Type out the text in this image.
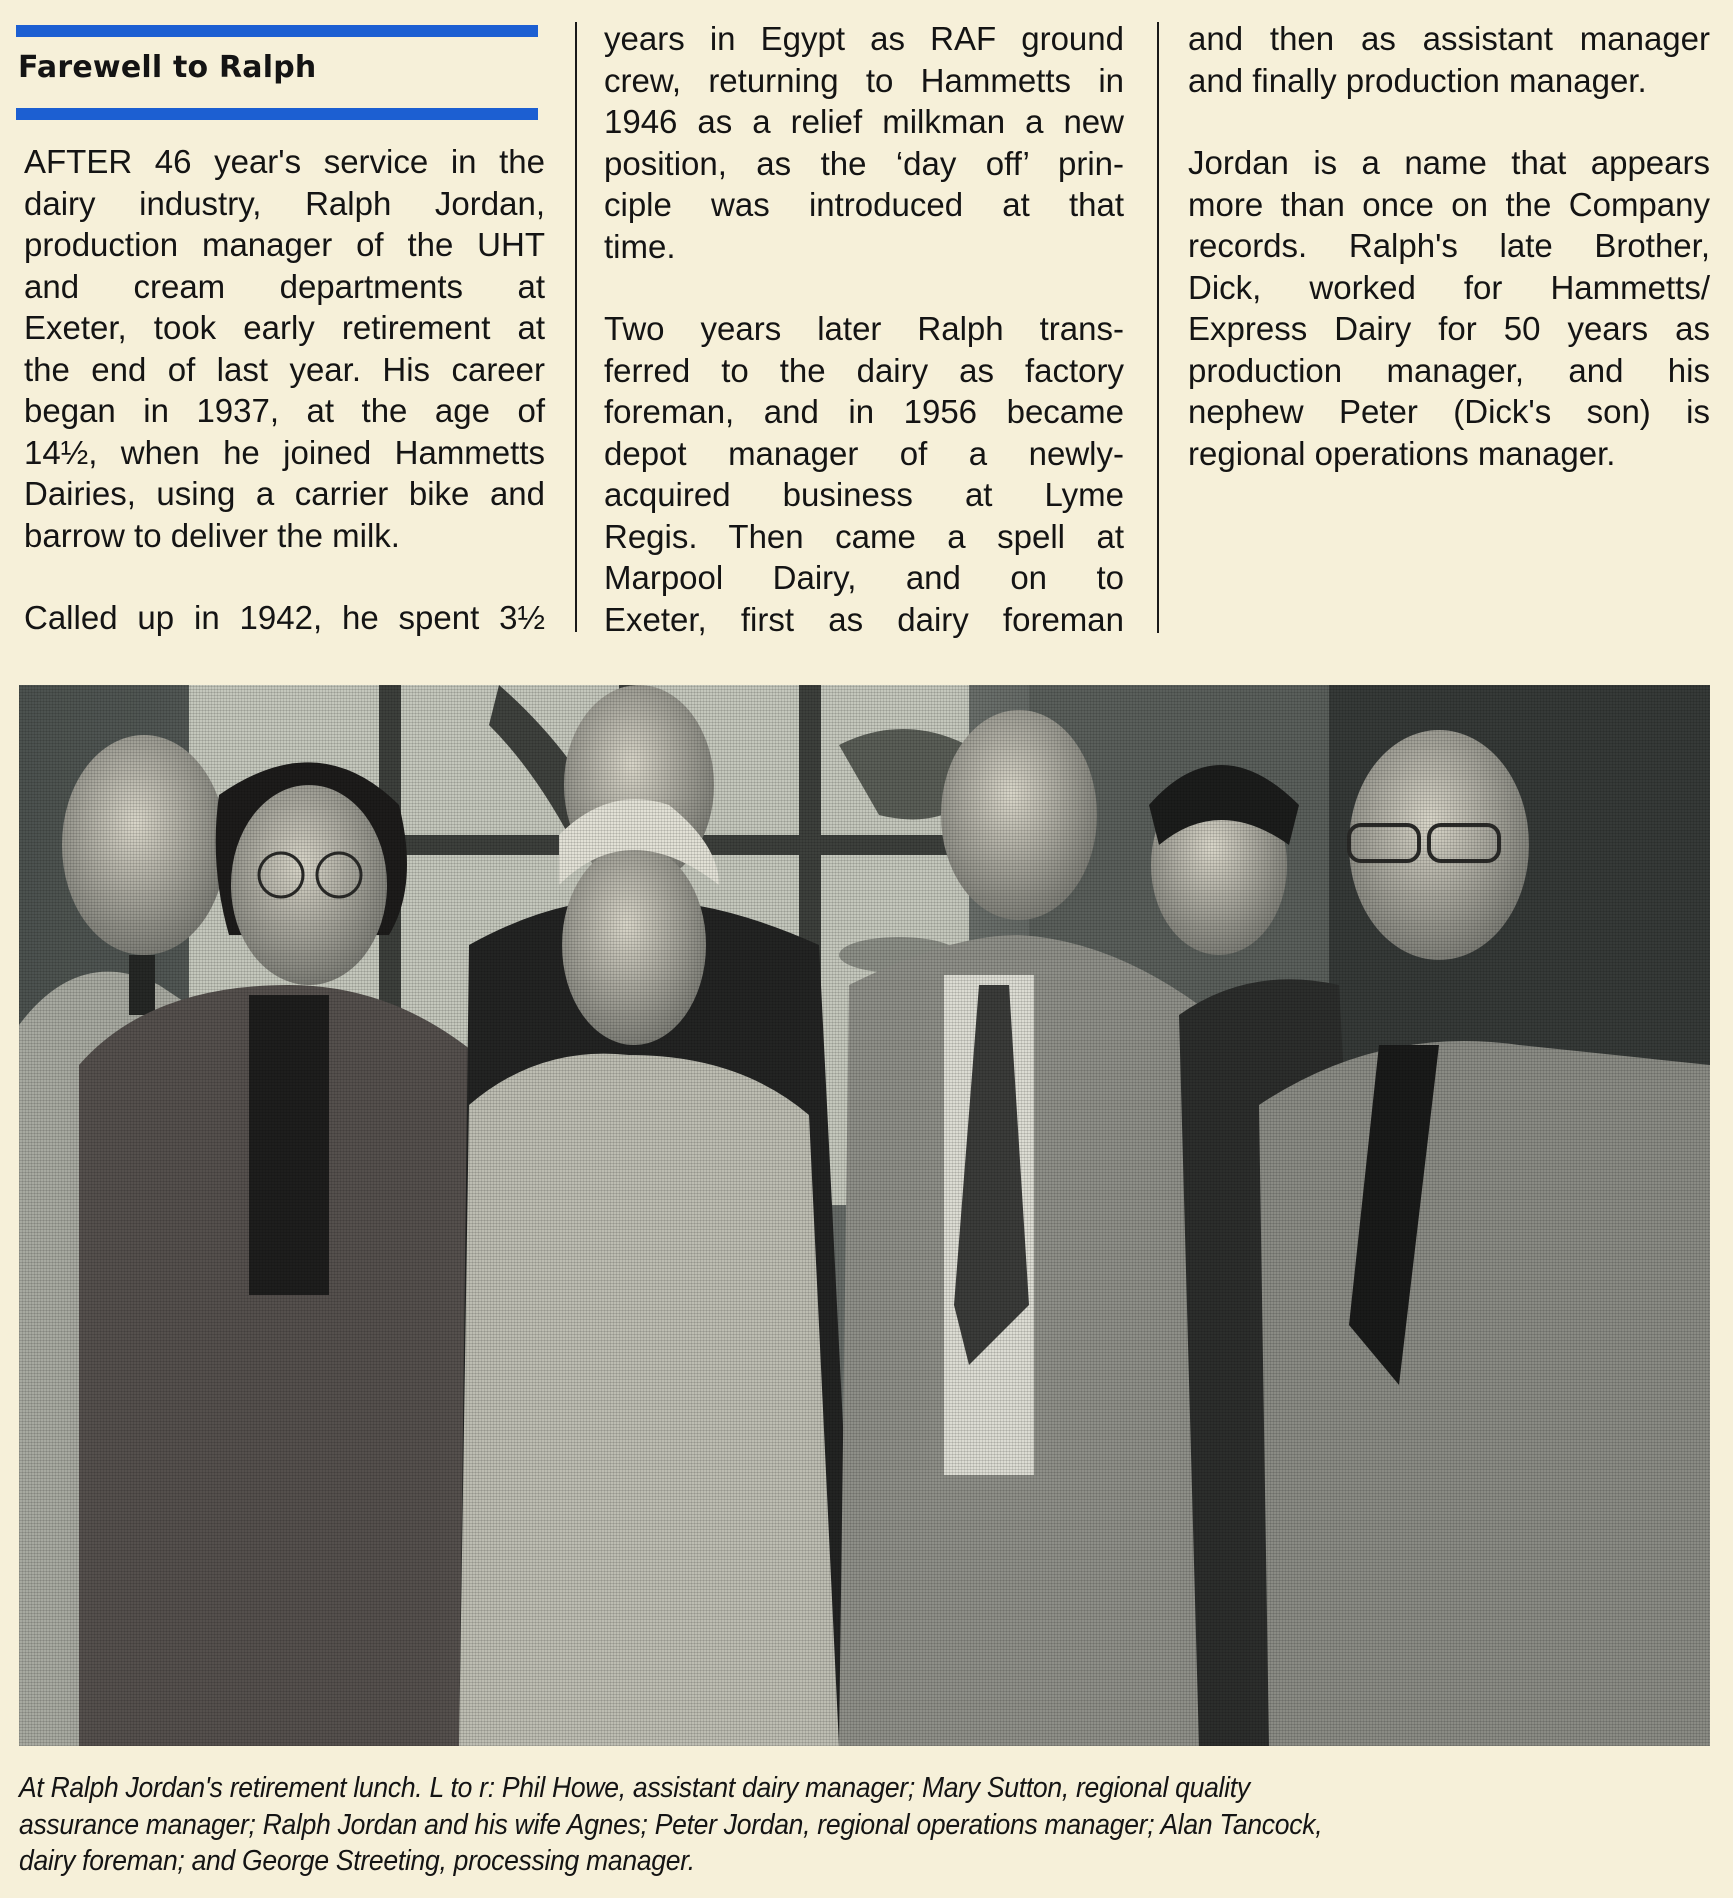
Farewell to Ralph
AFTER 46 year's service in the
dairy industry, Ralph Jordan,
production manager of the UHT
and cream departments at
Exeter, took early retirement at
the end of last year. His career
began in 1937, at the age of
14½, when he joined Hammetts
Dairies, using a carrier bike and
barrow to deliver the milk.
Called up in 1942, he spent 3½
years in Egypt as RAF ground
crew, returning to Hammetts in
1946 as a relief milkman a new
position, as the ‘day off’ prin-
ciple was introduced at that
time.
Two years later Ralph trans-
ferred to the dairy as factory
foreman, and in 1956 became
depot manager of a newly-
acquired business at Lyme
Regis. Then came a spell at
Marpool Dairy, and on to
Exeter, first as dairy foreman
and then as assistant manager
and finally production manager.
Jordan is a name that appears
more than once on the Company
records. Ralph's late Brother,
Dick, worked for Hammetts/
Express Dairy for 50 years as
production manager, and his
nephew Peter (Dick's son) is
regional operations manager.
At Ralph Jordan's retirement lunch. L to r: Phil Howe, assistant dairy manager; Mary Sutton, regional quality
assurance manager; Ralph Jordan and his wife Agnes; Peter Jordan, regional operations manager; Alan Tancock,
dairy foreman; and George Streeting, processing manager.
